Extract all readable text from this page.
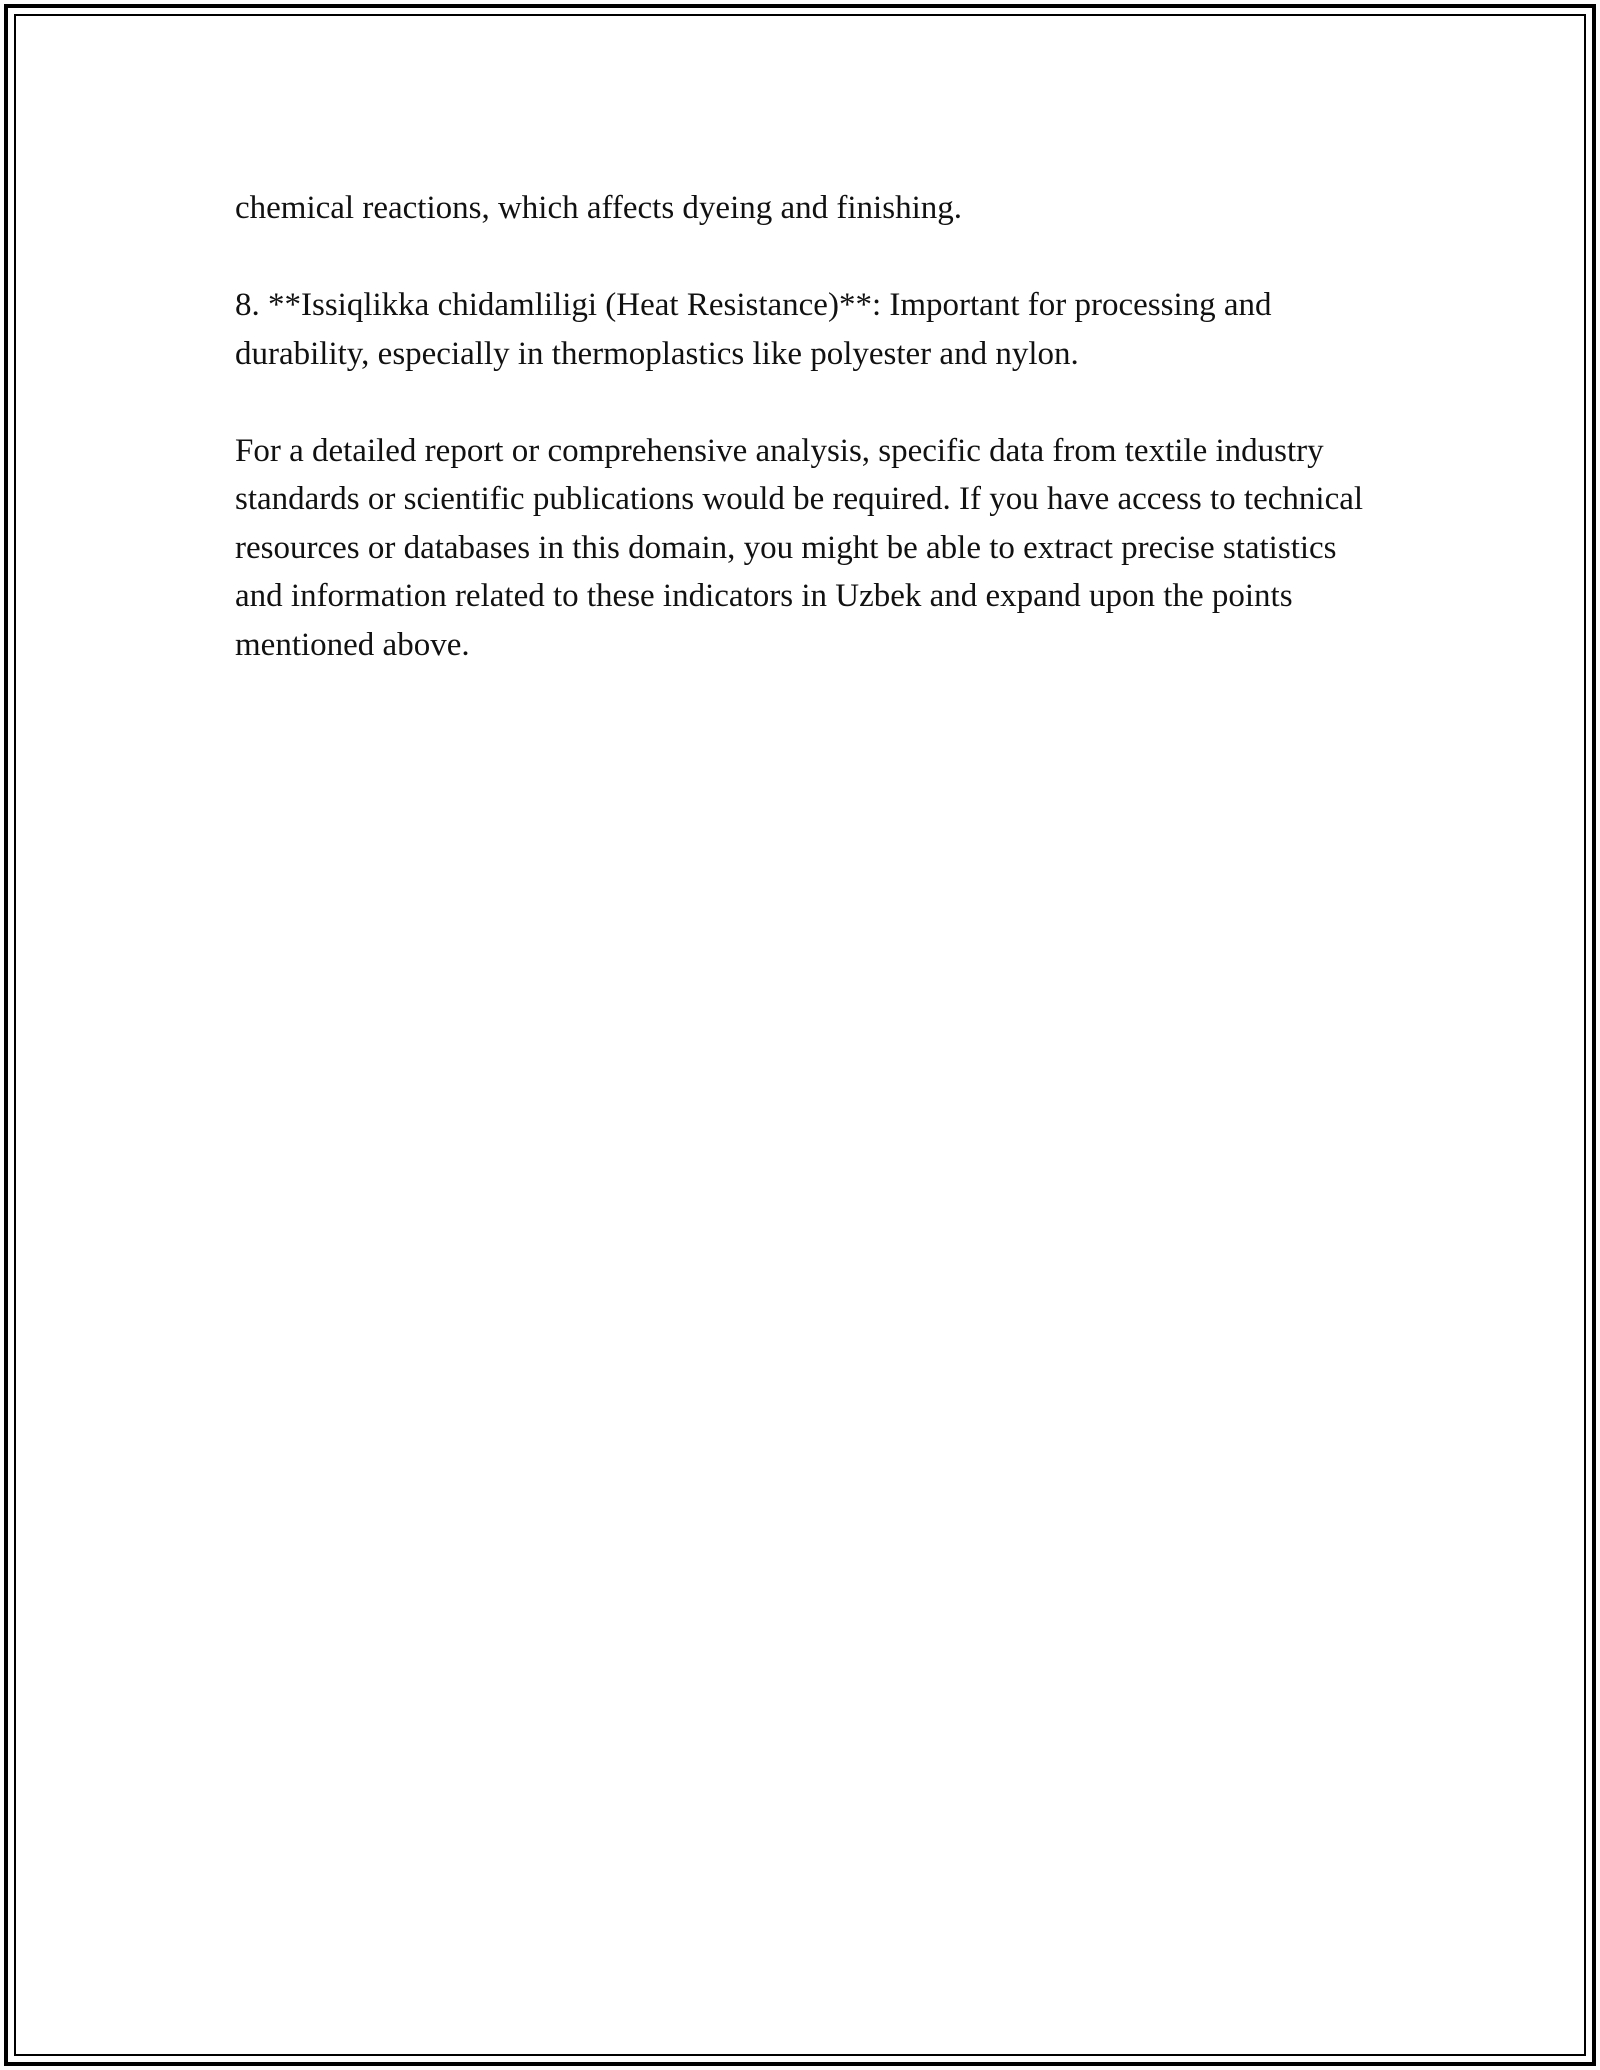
chemical reactions, which affects dyeing and finishing.

8. **Issiqlikka chidamliligi (Heat Resistance)**: Important for processing and durability, especially in thermoplastics like polyester and nylon.

For a detailed report or comprehensive analysis, specific data from textile industry standards or scientific publications would be required. If you have access to technical resources or databases in this domain, you might be able to extract precise statistics and information related to these indicators in Uzbek and expand upon the points mentioned above.
